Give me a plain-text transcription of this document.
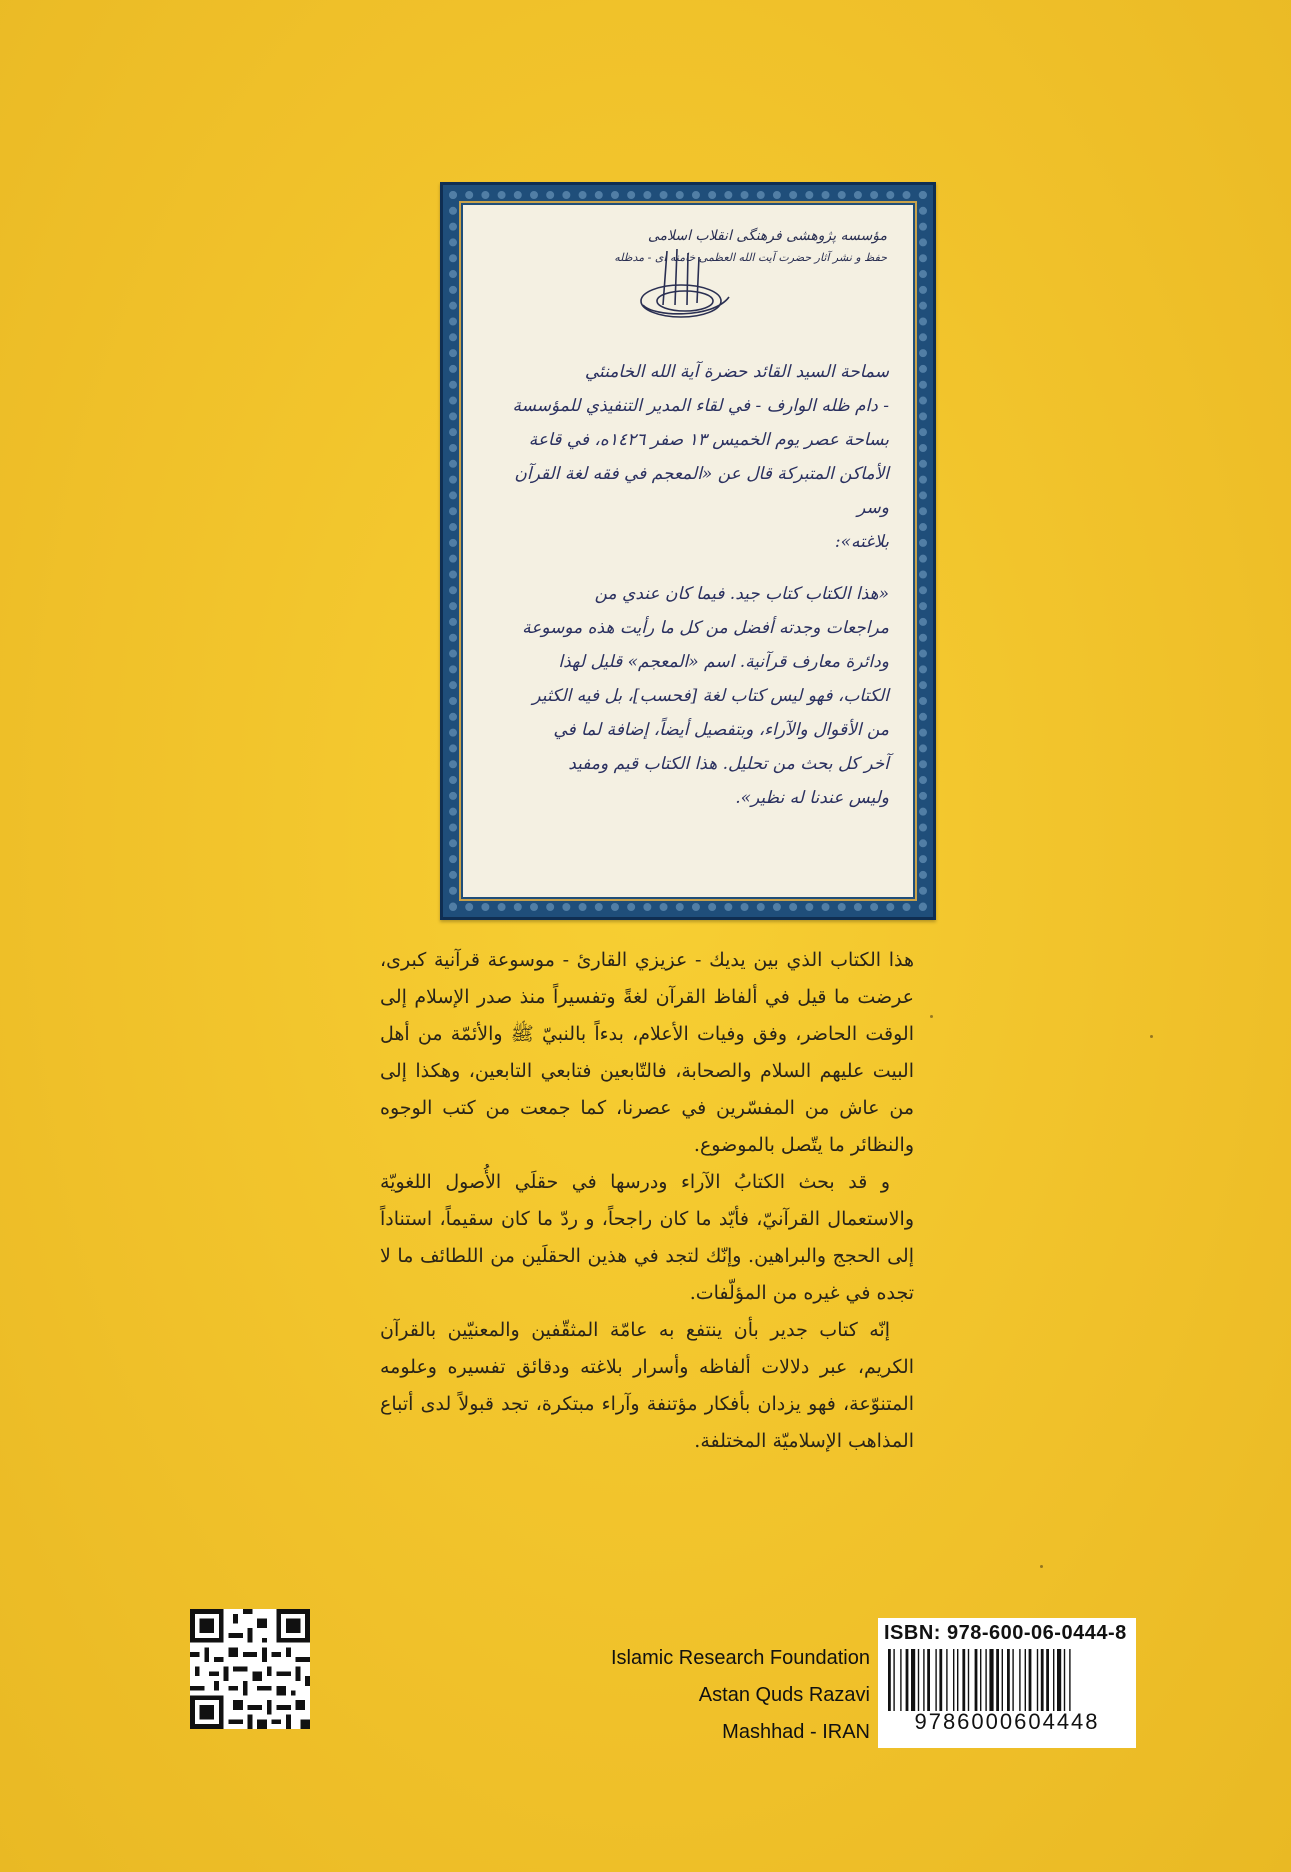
مؤسسه پژوهشی فرهنگی انقلاب اسلامی
حفظ و نشر آثار حضرت آیت الله العظمی خامنه ای - مدظله

سماحة السيد القائد حضرة آية الله الخامنئي

- دام ظله الوارف - في لقاء المدير التنفيذي للمؤسسة

بساحة عصر يوم الخميس ١٣ صفر ١٤٢٦ه، في قاعة

الأماكن المتبركة قال عن «المعجم في فقه لغة القرآن وسر

بلاغته»:

«هذا الكتاب كتاب جيد. فيما كان عندي من

مراجعات وجدته أفضل من كل ما رأيت هذه موسوعة

ودائرة معارف قرآنية. اسم «المعجم» قليل لهذا

الكتاب، فهو ليس كتاب لغة [فحسب]، بل فيه الكثير

من الأقوال والآراء، وبتفصيل أيضاً، إضافة لما في

آخر كل بحث من تحليل. هذا الكتاب قيم ومفيد

وليس عندنا له نظير».

هذا الكتاب الذي بين يديك - عزيزي القارئ - موسوعة قرآنية كبرى، عرضت ما قيل في ألفاظ القرآن لغةً وتفسيراً منذ صدر الإسلام إلى الوقت الحاضر، وفق وفيات الأعلام، بدءاً بالنبيّ ﷺ والأئمّة من أهل البيت عليهم السلام والصحابة، فالتّابعين فتابعي التابعين، وهكذا إلى من عاش من المفسّرين في عصرنا، كما جمعت من كتب الوجوه والنظائر ما يتّصل بالموضوع.

و قد بحث الكتابُ الآراء ودرسها في حقلَي الأُصول اللغويّة والاستعمال القرآنيّ، فأيّد ما كان راجحاً، و ردّ ما كان سقيماً، استناداً إلى الحجج والبراهين. وإنّك لتجد في هذين الحقلَين من اللطائف ما لا تجده في غيره من المؤلّفات.

إنّه كتاب جدير بأن ينتفع به عامّة المثقّفين والمعنيّين بالقرآن الكريم، عبر دلالات ألفاظه وأسرار بلاغته ودقائق تفسيره وعلومه المتنوّعة، فهو يزدان بأفكار مؤتنفة وآراء مبتكرة، تجد قبولاً لدى أتباع المذاهب الإسلاميّة المختلفة.

Islamic Research Foundation
Astan Quds Razavi
Mashhad - IRAN
ISBN: 978-600-06-0444-8
9786000604448
